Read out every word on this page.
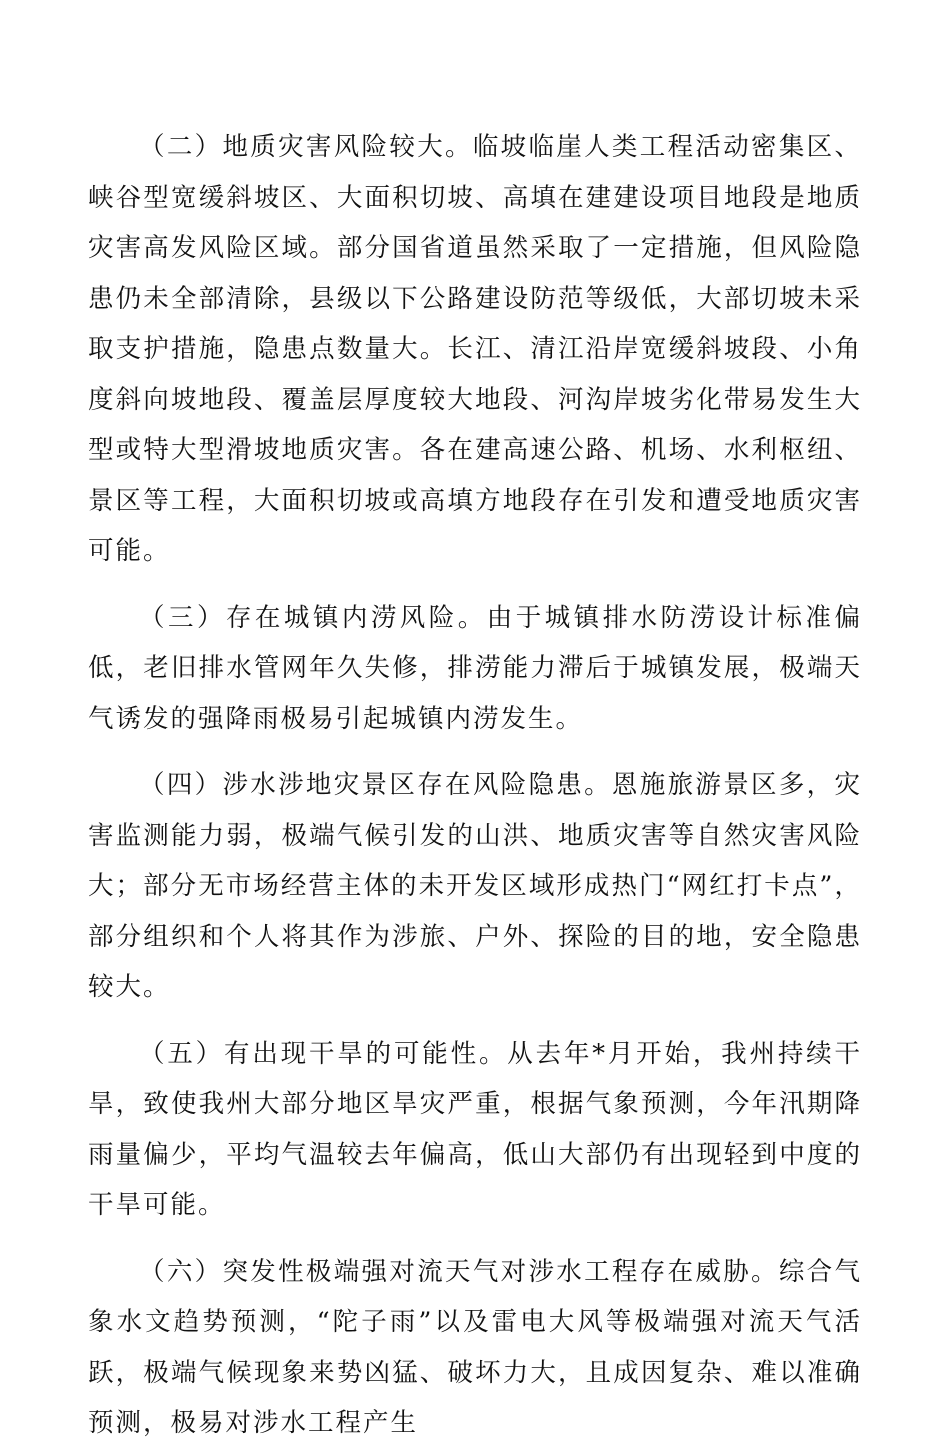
（二）地质灾害风险较大。临坡临崖人类工程活动密集区、峡谷型宽缓斜坡区、大面积切坡、高填在建建设项目地段是地质灾害高发风险区域。部分国省道虽然采取了一定措施，但风险隐患仍未全部清除，县级以下公路建设防范等级低，大部切坡未采取支护措施，隐患点数量大。长江、清江沿岸宽缓斜坡段、小角度斜向坡地段、覆盖层厚度较大地段、河沟岸坡劣化带易发生大型或特大型滑坡地质灾害。各在建高速公路、机场、水利枢纽、景区等工程，大面积切坡或高填方地段存在引发和遭受地质灾害可能。

（三）存在城镇内涝风险。由于城镇排水防涝设计标准偏低，老旧排水管网年久失修，排涝能力滞后于城镇发展，极端天气诱发的强降雨极易引起城镇内涝发生。

（四）涉水涉地灾景区存在风险隐患。恩施旅游景区多，灾害监测能力弱，极端气候引发的山洪、地质灾害等自然灾害风险大；部分无市场经营主体的未开发区域形成热门“网红打卡点”，部分组织和个人将其作为涉旅、户外、探险的目的地，安全隐患较大。

（五）有出现干旱的可能性。从去年*月开始，我州持续干旱，致使我州大部分地区旱灾严重，根据气象预测，今年汛期降雨量偏少，平均气温较去年偏高，低山大部仍有出现轻到中度的干旱可能。

（六）突发性极端强对流天气对涉水工程存在威胁。综合气象水文趋势预测，“陀子雨”以及雷电大风等极端强对流天气活跃，极端气候现象来势凶猛、破坏力大，且成因复杂、难以准确预测，极易对涉水工程产生
